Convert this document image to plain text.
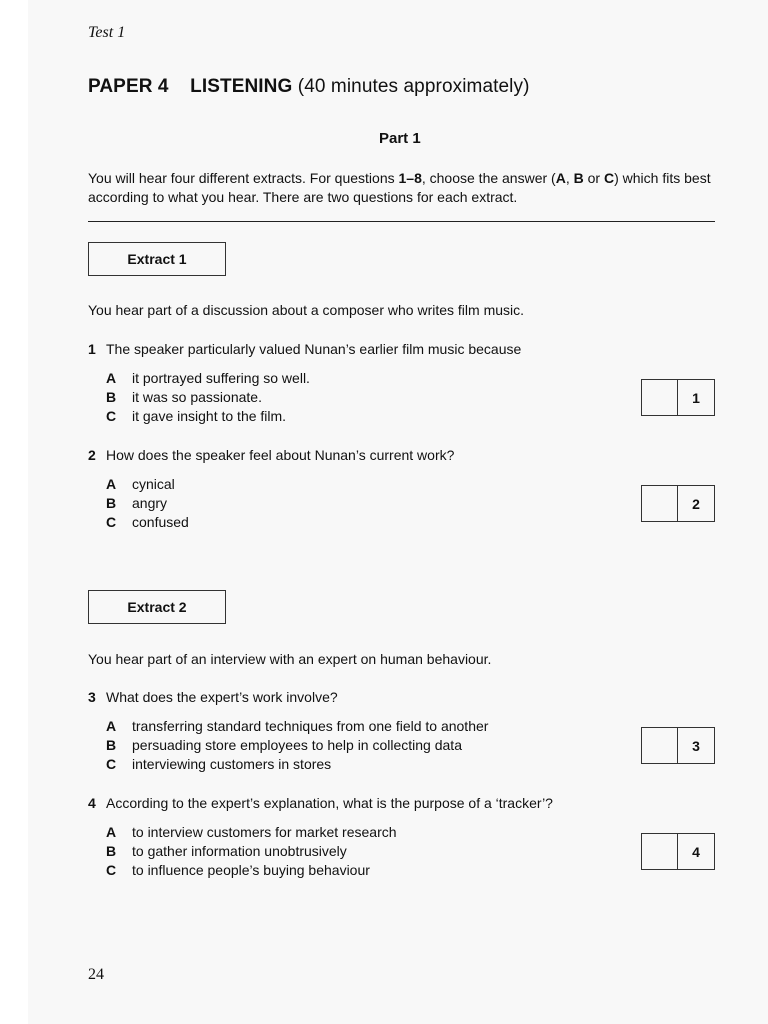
Test 1
PAPER 4 LISTENING (40 minutes approximately)
Part 1
You will hear four different extracts. For questions 1–8, choose the answer (A, B or C) which fits best according to what you hear. There are two questions for each extract.
Extract 1
You hear part of a discussion about a composer who writes film music.
1 The speaker particularly valued Nunan’s earlier film music because
A it portrayed suffering so well.
B it was so passionate.
C it gave insight to the film.
1
2 How does the speaker feel about Nunan’s current work?
A cynical
B angry
C confused
2
Extract 2
You hear part of an interview with an expert on human behaviour.
3 What does the expert’s work involve?
A transferring standard techniques from one field to another
B persuading store employees to help in collecting data
C interviewing customers in stores
3
4 According to the expert’s explanation, what is the purpose of a ‘tracker’?
A to interview customers for market research
B to gather information unobtrusively
C to influence people’s buying behaviour
4
24
